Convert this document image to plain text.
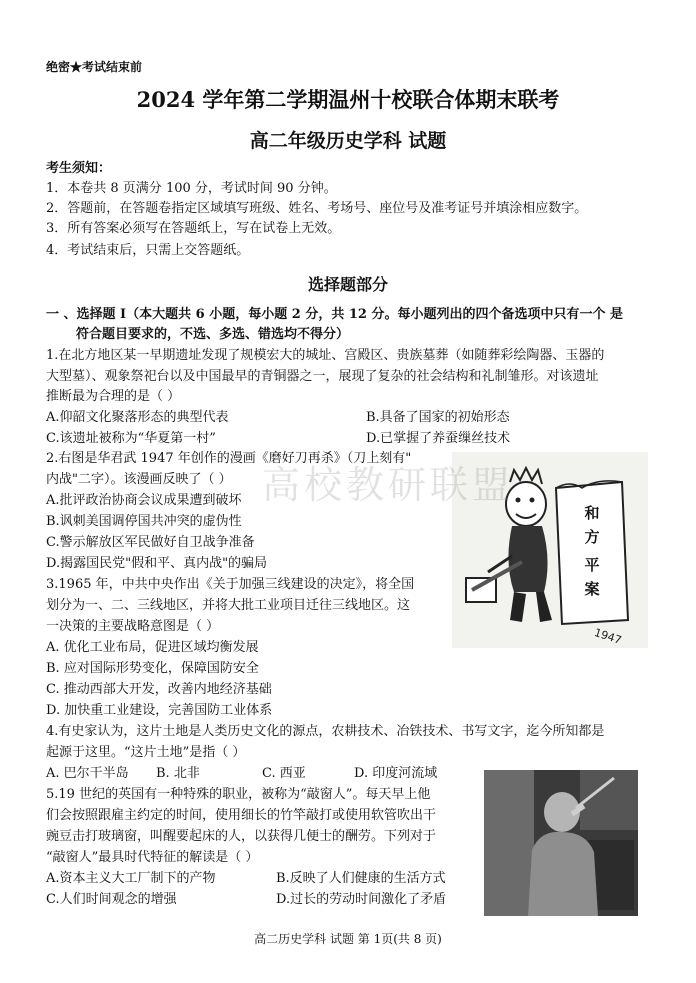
绝密★考试结束前
2024 学年第二学期温州十校联合体期末联考
高二年级历史学科 试题
考生须知：
1．本卷共 8 页满分 100 分，考试时间 90 分钟。
2．答题前，在答题卷指定区域填写班级、姓名、考场号、座位号及准考证号并填涂相应数字。
3．所有答案必须写在答题纸上，写在试卷上无效。
4．考试结束后，只需上交答题纸。
选择题部分
一 、选择题 I（本大题共 6 小题，每小题 2 分，共 12 分。每小题列出的四个备选项中只有一个 是
符合题目要求的，不选、多选、错选均不得分）
1.在北方地区某一早期遗址发现了规模宏大的城址、宫殿区、贵族墓葬（如随葬彩绘陶器、玉器的
大型墓）、观象祭祀台以及中国最早的青铜器之一，展现了复杂的社会结构和礼制雏形。对该遗址
推断最为合理的是（ ）
A.仰韶文化聚落形态的典型代表	B.具备了国家的初始形态
C.该遗址被称为“华夏第一村”	D.已掌握了养蚕缫丝技术
2.右图是华君武 1947 年创作的漫画《磨好刀再杀》（刀上刻有"
内战"二字）。该漫画反映了（ ）
A.批评政治协商会议成果遭到破坏
B.讽刺美国调停国共冲突的虚伪性
C.警示解放区军民做好自卫战争准备
D.揭露国民党"假和平、真内战"的骗局
3.1965 年，中共中央作出《关于加强三线建设的决定》，将全国
划分为一、二、三线地区，并将大批工业项目迁往三线地区。这
一决策的主要战略意图是（ ）
A. 优化工业布局，促进区域均衡发展
B. 应对国际形势变化，保障国防安全
C. 推动西部大开发，改善内地经济基础
D. 加快重工业建设，完善国防工业体系
4.有史家认为，这片土地是人类历史文化的源点，农耕技术、冶铁技术、书写文字，迄今所知都是
起源于这里。“这片土地”是指（ ）
A. 巴尔干半岛 B. 北非	C. 西亚	D. 印度河流域
5.19 世纪的英国有一种特殊的职业，被称为“敲窗人”。每天早上他
们会按照跟雇主约定的时间，使用细长的竹竿敲打或使用软管吹出干
豌豆击打玻璃窗，叫醒要起床的人，以获得几便士的酬劳。下列对于
“敲窗人”最具时代特征的解读是（ ）
A.资本主义大工厂制下的产物	B.反映了人们健康的生活方式
C.人们时间观念的增强	D.过长的劳动时间激化了矛盾
和
方
平
案
1947
高校教研联盟
高二历史学科 试题 第 1页(共 8 页)
